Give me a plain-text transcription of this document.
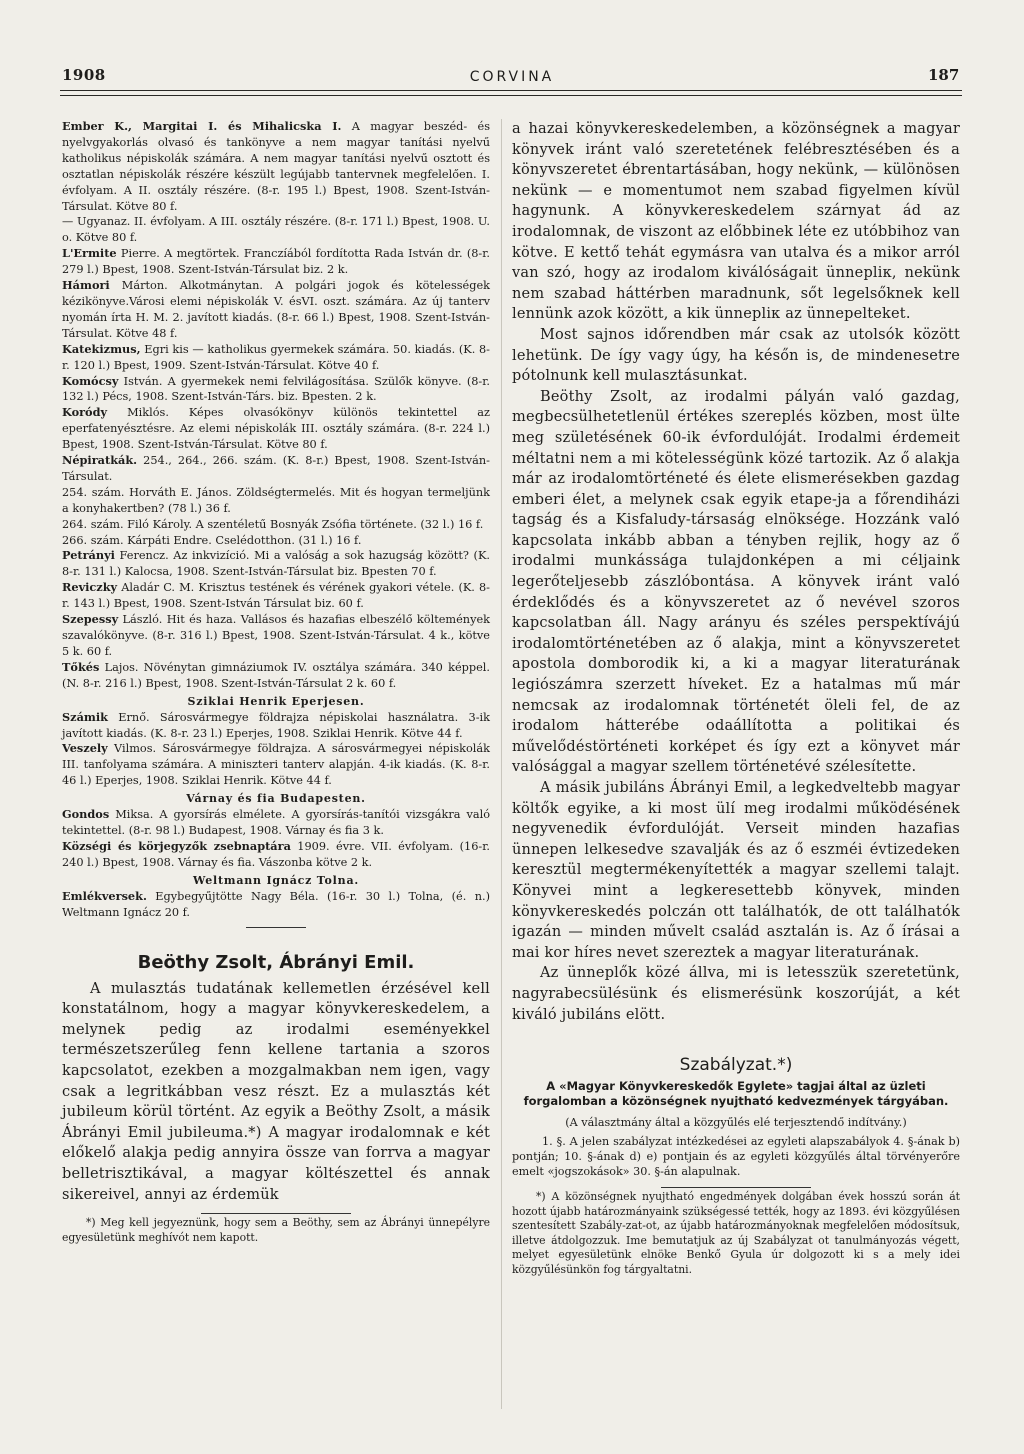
1908	CORVINA	187

Ember K., Margitai I. és Mihalicska I. A magyar beszéd- és nyelvgyakorlás olvasó és tankönyve a nem magyar tanítási nyelvű katholikus népiskolák számára. A nem magyar tanítási nyelvű osztott és osztatlan népiskolák részére készült legújabb tantervnek megfelelően. I. évfolyam. A II. osztály részére. (8-r. 195 l.) Bpest, 1908. Szent-István-Társulat. Kötve 80 f.

— Ugyanaz. II. évfolyam. A III. osztály részére. (8-r. 171 l.) Bpest, 1908. U. o. Kötve 80 f.

L'Ermite Pierre. A megtörtek. Franczíából fordította Rada István dr. (8-r. 279 l.) Bpest, 1908. Szent-István-Társulat biz. 2 k.

Hámori Márton. Alkotmánytan. A polgári jogok és kötelességek kézikönyve.Városi elemi népiskolák V. ésVI. oszt. számára. Az új tanterv nyomán írta H. M. 2. javított kiadás. (8-r. 66 l.) Bpest, 1908. Szent-István-Társulat. Kötve 48 f.

Katekizmus, Egri kis — katholikus gyermekek számára. 50. kiadás. (K. 8-r. 120 l.) Bpest, 1909. Szent-István-Társulat. Kötve 40 f.

Komócsy István. A gyermekek nemi felvilágosítása. Szülők könyve. (8-r. 132 l.) Pécs, 1908. Szent-István-Társ. biz. Bpesten. 2 k.

Koródy Miklós. Képes olvasókönyv különös tekintettel az eperfatenyésztésre. Az elemi népiskolák III. osztály számára. (8-r. 224 l.) Bpest, 1908. Szent-István-Társulat. Kötve 80 f.

Népiratkák. 254., 264., 266. szám. (K. 8-r.) Bpest, 1908. Szent-István-Társulat.

254. szám. Horváth E. János. Zöldségtermelés. Mit és hogyan termeljünk a konyhakertben? (78 l.) 36 f.

264. szám. Filó Károly. A szentéletű Bosnyák Zsófia története. (32 l.) 16 f.

266. szám. Kárpáti Endre. Cselédotthon. (31 l.) 16 f.

Petrányi Ferencz. Az inkvizíció. Mi a valóság a sok hazugság között? (K. 8-r. 131 l.) Kalocsa, 1908. Szent-István-Társulat biz. Bpesten 70 f.

Reviczky Aladár C. M. Krisztus testének és vérének gyakori vétele. (K. 8-r. 143 l.) Bpest, 1908. Szent-István Társulat biz. 60 f.

Szepessy László. Hit és haza. Vallásos és hazafias elbeszélő költemények szavalókönyve. (8-r. 316 l.) Bpest, 1908. Szent-István-Társulat. 4 k., kötve 5 k. 60 f.

Tőkés Lajos. Növénytan gimnáziumok IV. osztálya számára. 340 képpel. (N. 8-r. 216 l.) Bpest, 1908. Szent-István-Társulat 2 k. 60 f.

Sziklai Henrik Eperjesen.

Számik Ernő. Sárosvármegye földrajza népiskolai használatra. 3-ik javított kiadás. (K. 8-r. 23 l.) Eperjes, 1908. Sziklai Henrik. Kötve 44 f.

Veszely Vilmos. Sárosvármegye földrajza. A sárosvármegyei népiskolák III. tanfolyama számára. A miniszteri tanterv alapján. 4-ik kiadás. (K. 8-r. 46 l.) Eperjes, 1908. Sziklai Henrik. Kötve 44 f.

Várnay és fia Budapesten.

Gondos Miksa. A gyorsírás elmélete. A gyorsírás-tanítói vizsgákra való tekintettel. (8-r. 98 l.) Budapest, 1908. Várnay és fia 3 k.

Községi és körjegyzők zsebnaptára 1909. évre. VII. évfolyam. (16-r. 240 l.) Bpest, 1908. Várnay és fia. Vászonba kötve 2 k.

Weltmann Ignácz Tolna.

Emlékversek. Egybegyűjtötte Nagy Béla. (16-r. 30 l.) Tolna, (é. n.) Weltmann Ignácz 20 f.

Beöthy Zsolt, Ábrányi Emil.

A mulasztás tudatának kellemetlen érzésével kell konstatálnom, hogy a magyar könyvkereskedelem, a melynek pedig az irodalmi eseményekkel természetszerűleg fenn kellene tartania a szoros kapcsolatot, ezekben a mozgalmakban nem igen, vagy csak a legritkábban vesz részt. Ez a mulasztás két jubileum körül történt. Az egyik a Beöthy Zsolt, a másik Ábrányi Emil jubileuma.*) A magyar irodalomnak e két előkelő alakja pedig annyira össze van forrva a magyar belletrisztikával, a magyar költészettel és annak sikereivel, annyi az érdemük

*) Meg kell jegyeznünk, hogy sem a Beöthy, sem az Ábrányi ünnepélyre egyesületünk meghívót nem kapott.

a hazai könyvkereskedelemben, a közönségnek a magyar könyvek iránt való szeretetének felébresztésében és a könyvszeretet ébrentartásában, hogy nekünk, — különösen nekünk — e momentumot nem szabad figyelmen kívül hagynunk. A könyvkereskedelem szárnyat ád az irodalomnak, de viszont az előbbinek léte ez utóbbihoz van kötve. E kettő tehát egymásra van utalva és a mikor arról van szó, hogy az irodalom kiválóságait ünnepliк, nekünk nem szabad háttérben maradnunk, sőt legelsőknek kell lennünk azok között, a kik ünnepliк az ünnepelteket.

Most sajnos időrendben már csak az utolsók között lehetünk. De így vagy úgy, ha későn is, de mindenesetre pótolnunk kell mulasztásunkat.

Beöthy Zsolt, az irodalmi pályán való gazdag, megbecsülhetetlenül értékes szereplés közben, most ülte meg születésének 60-ik évfordulóját. Irodalmi érdemeit méltatni nem a mi kötelességünk közé tartozik. Az ő alakja már az irodalomtörténeté és élete elismerésekben gazdag emberi élet, a melynek csak egyik etape-ja a főrendiházi tagság és a Kisfaludy-társaság elnöksége. Hozzánk való kapcsolata inkább abban a tényben rejlik, hogy az ő irodalmi munkássága tulajdonképen a mi céljaink legerőteljesebb zászlóbontása. A könyvek iránt való érdeklődés és a könyvszeretet az ő nevével szoros kapcsolatban áll. Nagy arányu és széles perspektívájú irodalomtörténetében az ő alakja, mint a könyvszeretet apostola domborodik ki, a ki a magyar literaturának legiószámra szerzett híveket. Ez a hatalmas mű már nemcsak az irodalomnak történetét öleli fel, de az irodalom hátterébe odaállította a politikai és művelődéstörténeti korképet és így ezt a könyvet már valósággal a magyar szellem történetévé szélesítette.

A másik jubiláns Ábrányi Emil, a legkedveltebb magyar költők egyike, a ki most ülí meg irodalmi működésének negyvenedik évfordulóját. Verseit minden hazafias ünnepen lelkesedve szavalják és az ő eszméi évtizedeken keresztül megtermékenyítették a magyar szellemi talajt. Könyvei mint a legkeresettebb könyvek, minden könyvkereskedés polczán ott találhatók, de ott találhatók igazán — minden művelt család asztalán is. Az ő írásai a mai kor híres nevet szereztek a magyar literaturának.

Az ünneplők közé állva, mi is letesszük szeretetünk, nagyrabecsülésünk és elismerésünk koszorúját, a két kiváló jubiláns elött.

Szabályzat.*)

A «Magyar Könyvkereskedők Egylete» tagjai által az üzleti forgalomban a közönségnek nyujtható kedvezmények tárgyában.

(A választmány által a közgyűlés elé terjesztendő indítvány.)

1. §. A jelen szabályzat intézkedései az egyleti alapszabályok 4. §-ának b) pontján; 10. §-ának d) e) pontjain és az egyleti közgyűlés által törvényerőre emelt «jogszokások» 30. §-án alapulnak.

*) A közönségnek nyujtható engedmények dolgában évek hosszú során át hozott újabb határozmányaink szükségessé tették, hogy az 1893. évi közgyűlésen szentesített Szabály-zat-ot, az újabb határozmányoknak megfelelően módosítsuk, illetve átdolgozzuk. Ime bemutatjuk az új Szabályzat ot tanulmányozás végett, melyet egyesületünk elnöke Benkő Gyula úr dolgozott ki s a mely idei közgyűlésünkön fog tárgyaltatni.
